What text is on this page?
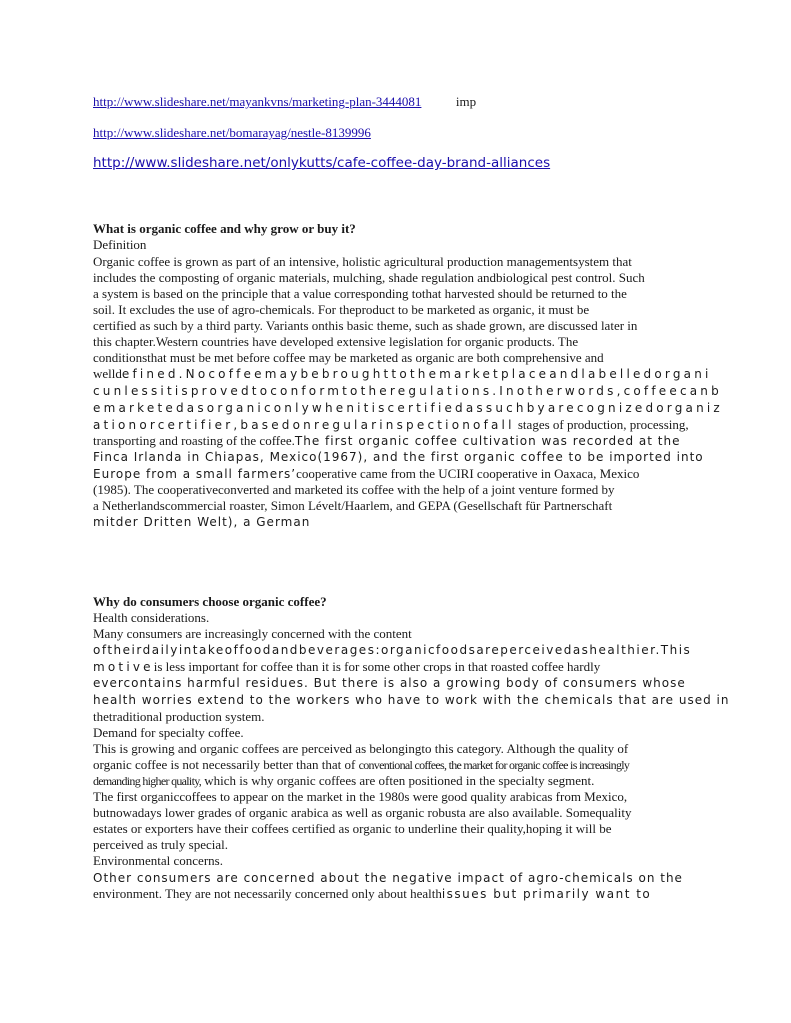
http://www.slideshare.net/mayankvns/marketing-plan-3444081	imp
http://www.slideshare.net/bomarayag/nestle-8139996
http://www.slideshare.net/onlykutts/cafe-coffee-day-brand-alliances
What is organic coffee and why grow or buy it?
Definition
Organic coffee is grown as part of an intensive, holistic agricultural production managementsystem that
includes the composting of organic materials, mulching, shade regulation andbiological pest control. Such
a system is based on the principle that a value corresponding tothat harvested should be returned to the
soil. It excludes the use of agro-chemicals. For theproduct to be marketed as organic, it must be
certified as such by a third party. Variants onthis basic theme, such as shade grown, are discussed later in
this chapter.Western countries have developed extensive legislation for organic products. The
conditionsthat must be met before coffee may be marketed as organic are both comprehensive and
welldefined.Nocoffeemaybebroughttothemarketplaceandlabelledorgani
cunlessitisprovedtoconformtotheregulations.Inotherwords,coffeecanb
emarketedasorganiconlywhenitiscertifiedassuchbyarecognizedorganiz
ationorcertifier,basedonregularinspectionofall stages of production, processing,
transporting and roasting of the coffee.The first organic coffee cultivation was recorded at the
Finca Irlanda in Chiapas, Mexico(1967), and the first organic coffee to be imported into
Europe from a small farmers’cooperative came from the UCIRI cooperative in Oaxaca, Mexico
(1985). The cooperativeconverted and marketed its coffee with the help of a joint venture formed by
a Netherlandscommercial roaster, Simon Lévelt/Haarlem, and GEPA (Gesellschaft für Partnerschaft
mitder Dritten Welt), a German
Why do consumers choose organic coffee?
Health considerations.
Many consumers are increasingly concerned with the content
oftheirdailyintakeoffoodandbeverages:organicfoodsareperceivedashealthier.This
motiveis less important for coffee than it is for some other crops in that roasted coffee hardly
evercontains harmful residues. But there is also a growing body of consumers whose
health worries extend to the workers who have to work with the chemicals that are used in
thetraditional production system.
Demand for specialty coffee.
This is growing and organic coffees are perceived as belongingto this category. Although the quality of
organic coffee is not necessarily better than that of conventional coffees, the market for organic coffee is increasingly
demanding higher quality, which is why organic coffees are often positioned in the specialty segment.
The first organiccoffees to appear on the market in the 1980s were good quality arabicas from Mexico,
butnowadays lower grades of organic arabica as well as organic robusta are also available. Somequality
estates or exporters have their coffees certified as organic to underline their quality,hoping it will be
perceived as truly special.
Environmental concerns.
Other consumers are concerned about the negative impact of agro-chemicals on the
environment. They are not necessarily concerned only about healthissues but primarily want to
